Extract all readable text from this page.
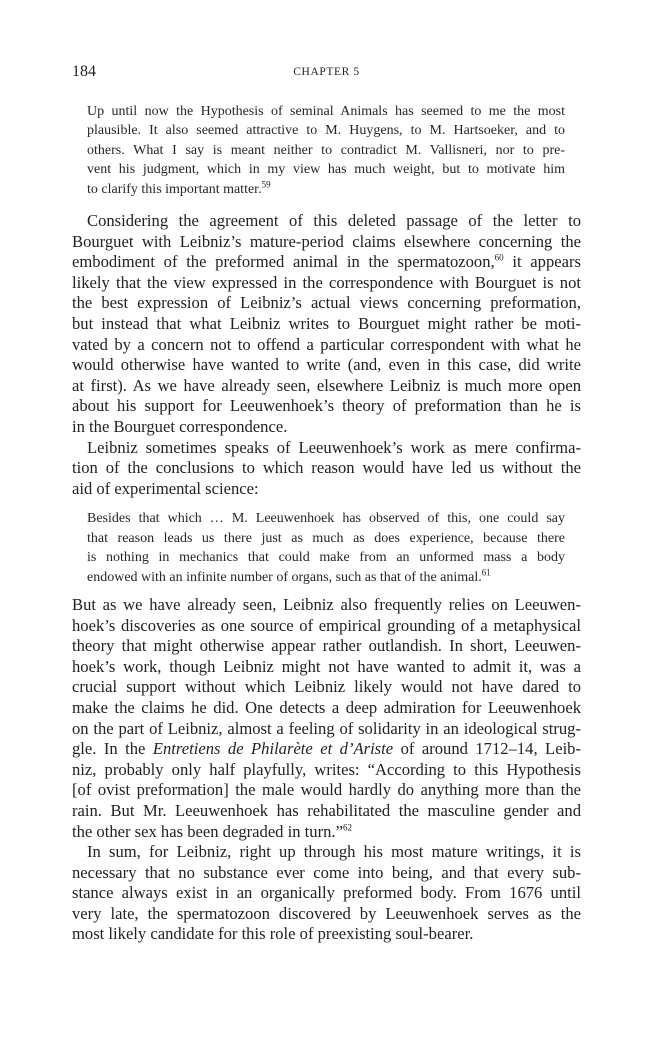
184	CHAPTER 5
Up until now the Hypothesis of seminal Animals has seemed to me the most
plausible. It also seemed attractive to M. Huygens, to M. Hartsoeker, and to
others. What I say is meant neither to contradict M. Vallisneri, nor to pre-
vent his judgment, which in my view has much weight, but to motivate him
to clarify this important matter.$^{59}$
Considering the agreement of this deleted passage of the letter to
Bourguet with Leibniz’s mature-period claims elsewhere concerning the
embodiment of the preformed animal in the spermatozoon,$^{60}$ it appears
likely that the view expressed in the correspondence with Bourguet is not
the best expression of Leibniz’s actual views concerning preformation,
but instead that what Leibniz writes to Bourguet might rather be moti-
vated by a concern not to offend a particular correspondent with what he
would otherwise have wanted to write (and, even in this case, did write
at first). As we have already seen, elsewhere Leibniz is much more open
about his support for Leeuwenhoek’s theory of preformation than he is
in the Bourguet correspondence.
Leibniz sometimes speaks of Leeuwenhoek’s work as mere confirma-
tion of the conclusions to which reason would have led us without the
aid of experimental science:
Besides that which … M. Leeuwenhoek has observed of this, one could say
that reason leads us there just as much as does experience, because there
is nothing in mechanics that could make from an unformed mass a body
endowed with an infinite number of organs, such as that of the animal.$^{61}$
But as we have already seen, Leibniz also frequently relies on Leeuwen-
hoek’s discoveries as one source of empirical grounding of a metaphysical
theory that might otherwise appear rather outlandish. In short, Leeuwen-
hoek’s work, though Leibniz might not have wanted to admit it, was a
crucial support without which Leibniz likely would not have dared to
make the claims he did. One detects a deep admiration for Leeuwenhoek
on the part of Leibniz, almost a feeling of solidarity in an ideological strug-
gle. In the Entretiens de Philarète et d’Ariste of around 1712–14, Leib-
niz, probably only half playfully, writes: “According to this Hypothesis
[of ovist preformation] the male would hardly do anything more than the
rain. But Mr. Leeuwenhoek has rehabilitated the masculine gender and
the other sex has been degraded in turn.”$^{62}$
In sum, for Leibniz, right up through his most mature writings, it is
necessary that no substance ever come into being, and that every sub-
stance always exist in an organically preformed body. From 1676 until
very late, the spermatozoon discovered by Leeuwenhoek serves as the
most likely candidate for this role of preexisting soul-bearer.
